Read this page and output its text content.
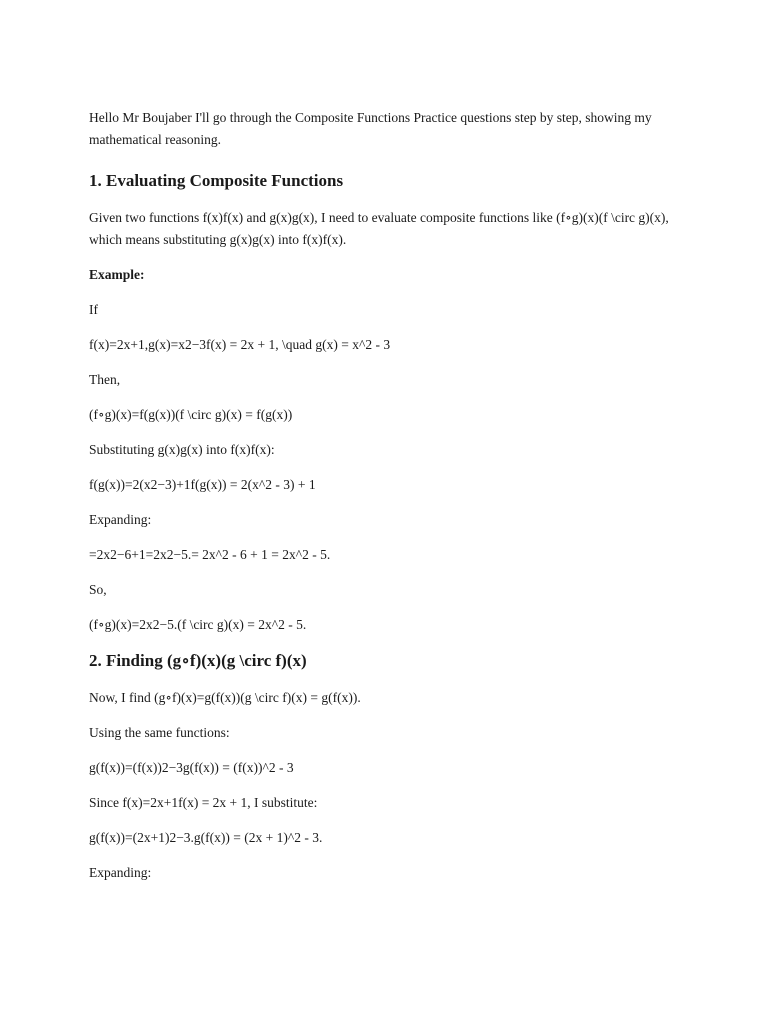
Hello Mr Boujaber I'll go through the Composite Functions Practice questions step by step, showing my mathematical reasoning.

1. Evaluating Composite Functions

Given two functions f(x)f(x) and g(x)g(x), I need to evaluate composite functions like (f∘g)(x)(f \circ g)(x), which means substituting g(x)g(x) into f(x)f(x).

Example:

If

f(x)=2x+1,g(x)=x2−3f(x) = 2x + 1, \quad g(x) = x^2 - 3

Then,

(f∘g)(x)=f(g(x))(f \circ g)(x) = f(g(x))

Substituting g(x)g(x) into f(x)f(x):

f(g(x))=2(x2−3)+1f(g(x)) = 2(x^2 - 3) + 1

Expanding:

=2x2−6+1=2x2−5.= 2x^2 - 6 + 1 = 2x^2 - 5.

So,

(f∘g)(x)=2x2−5.(f \circ g)(x) = 2x^2 - 5.

2. Finding (g∘f)(x)(g \circ f)(x)

Now, I find (g∘f)(x)=g(f(x))(g \circ f)(x) = g(f(x)).

Using the same functions:

g(f(x))=(f(x))2−3g(f(x)) = (f(x))^2 - 3

Since f(x)=2x+1f(x) = 2x + 1, I substitute:

g(f(x))=(2x+1)2−3.g(f(x)) = (2x + 1)^2 - 3.

Expanding:
